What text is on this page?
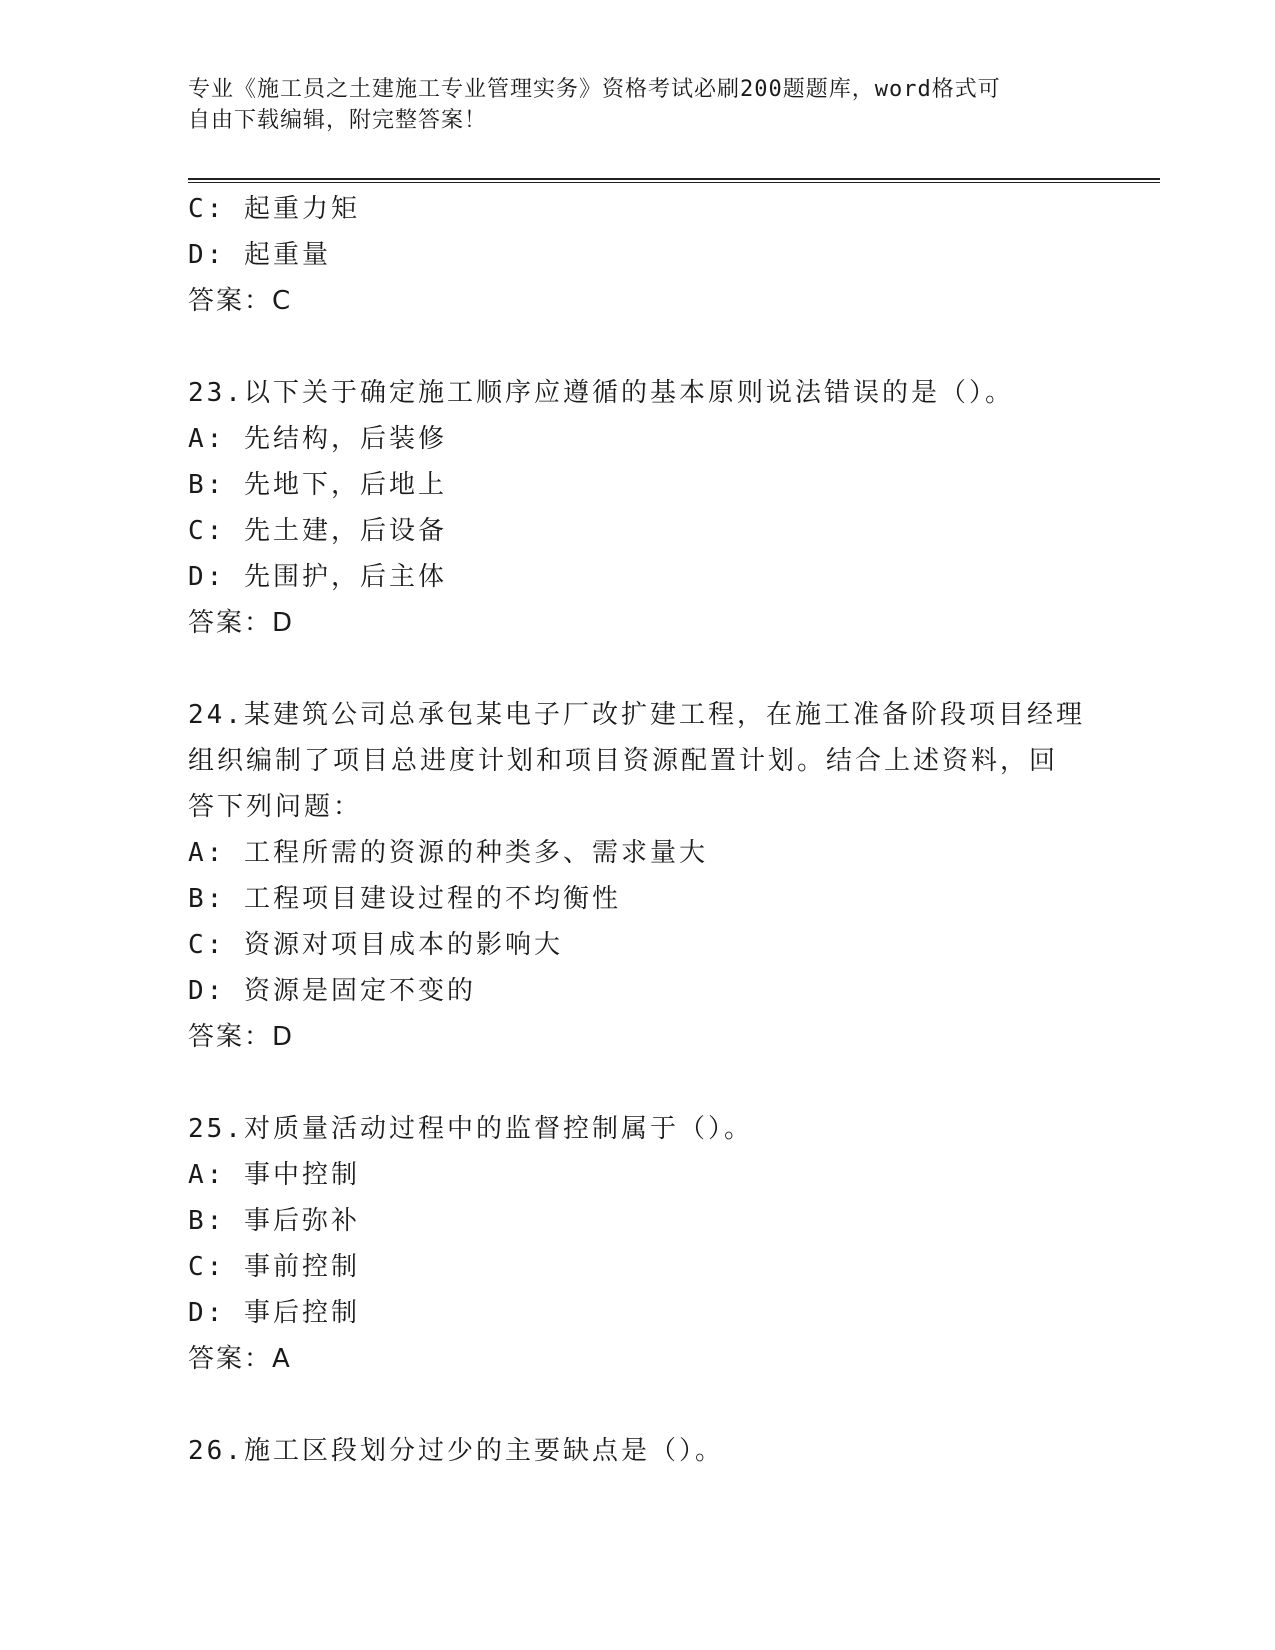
专业《施工员之土建施工专业管理实务》资格考试必刷200题题库，word格式可
自由下载编辑，附完整答案！
C: 起重力矩
D: 起重量
答案：C
23.以下关于确定施工顺序应遵循的基本原则说法错误的是（）。
A: 先结构，后装修
B: 先地下，后地上
C: 先土建，后设备
D: 先围护，后主体
答案：D
24.某建筑公司总承包某电子厂改扩建工程，在施工准备阶段项目经理
组织编制了项目总进度计划和项目资源配置计划。结合上述资料，回
答下列问题：
A: 工程所需的资源的种类多、需求量大
B: 工程项目建设过程的不均衡性
C: 资源对项目成本的影响大
D: 资源是固定不变的
答案：D
25.对质量活动过程中的监督控制属于（）。
A: 事中控制
B: 事后弥补
C: 事前控制
D: 事后控制
答案：A
26.施工区段划分过少的主要缺点是（）。
